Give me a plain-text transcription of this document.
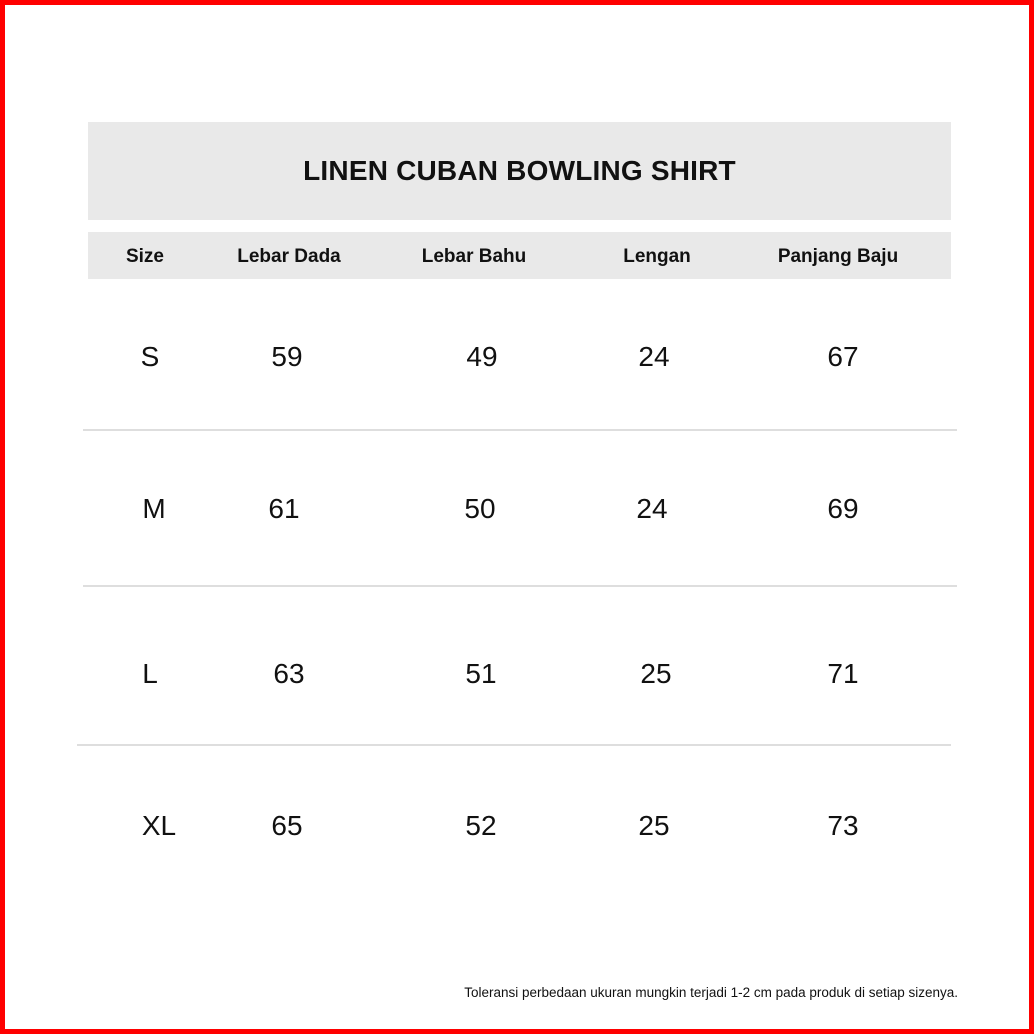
LINEN CUBAN BOWLING SHIRT
Size	Lebar Dada	Lebar Bahu	Lengan	Panjang Baju
S	59	49	24	67
M	61	50	24	69
L	63	51	25	71
XL	65	52	25	73
Toleransi perbedaan ukuran mungkin terjadi 1-2 cm pada produk di setiap sizenya.
